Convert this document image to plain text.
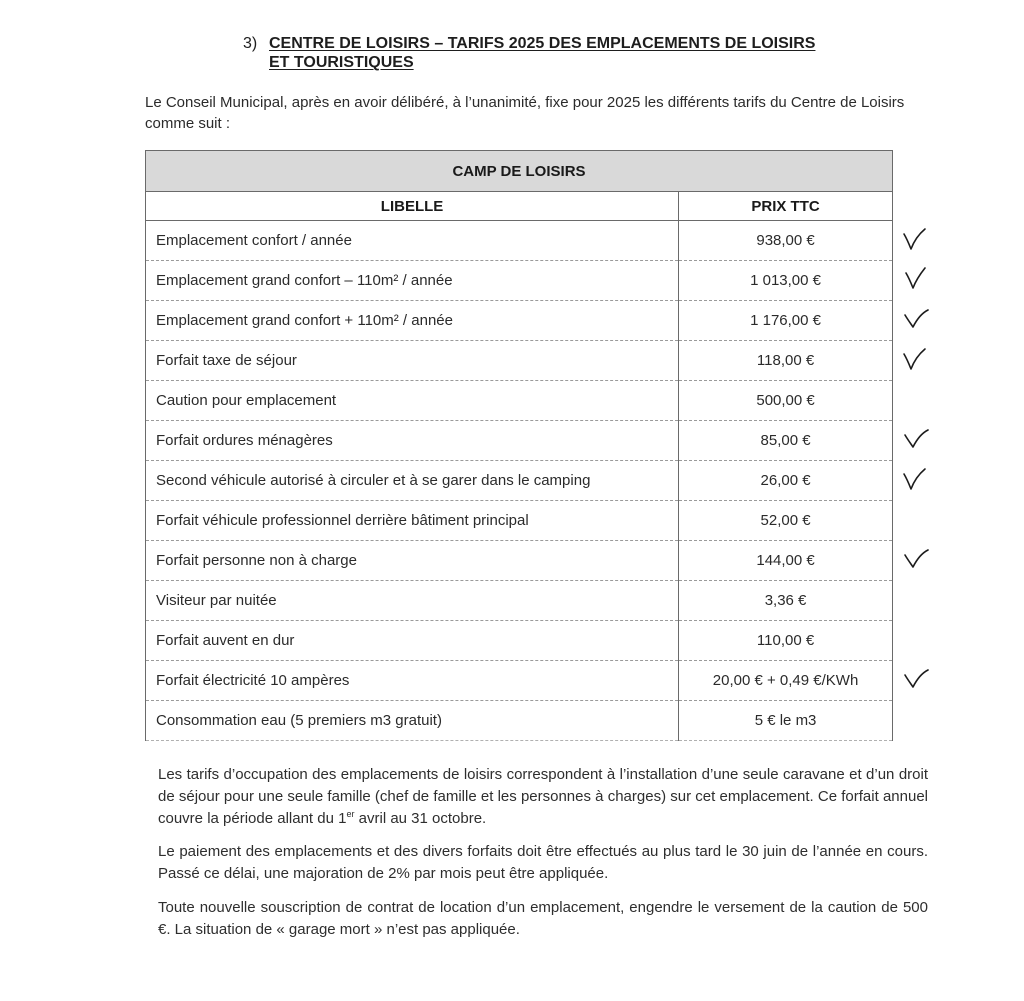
3) CENTRE DE LOISIRS – TARIFS 2025 DES EMPLACEMENTS DE LOISIRS
ET TOURISTIQUES
Le Conseil Municipal, après en avoir délibéré, à l’unanimité, fixe pour 2025 les différents tarifs du Centre de Loisirs comme suit :
CAMP DE LOISIRS	
LIBELLE	PRIX TTC
Emplacement confort / année	938,00 €
Emplacement grand confort – 110m² / année	1 013,00 €
Emplacement grand confort + 110m² / année	1 176,00 €
Forfait taxe de séjour	118,00 €
Caution pour emplacement	500,00 €
Forfait ordures ménagères	85,00 €
Second véhicule autorisé à circuler et à se garer dans le camping	26,00 €
Forfait véhicule professionnel derrière bâtiment principal	52,00 €
Forfait personne non à charge	144,00 €
Visiteur par nuitée	3,36 €
Forfait auvent en dur	110,00 €
Forfait électricité 10 ampères	20,00 € + 0,49 €/KWh
Consommation eau (5 premiers m3 gratuit)	5 € le m3
Les tarifs d’occupation des emplacements de loisirs correspondent à l’installation d’une seule caravane et d’un droit de séjour pour une seule famille (chef de famille et les personnes à charges) sur cet emplacement. Ce forfait annuel couvre la période allant du 1er avril au 31 octobre.
Le paiement des emplacements et des divers forfaits doit être effectués au plus tard le 30 juin de l’année en cours. Passé ce délai, une majoration de 2% par mois peut être appliquée.
Toute nouvelle souscription de contrat de location d’un emplacement, engendre le versement de la caution de 500 €. La situation de « garage mort » n’est pas appliquée.
